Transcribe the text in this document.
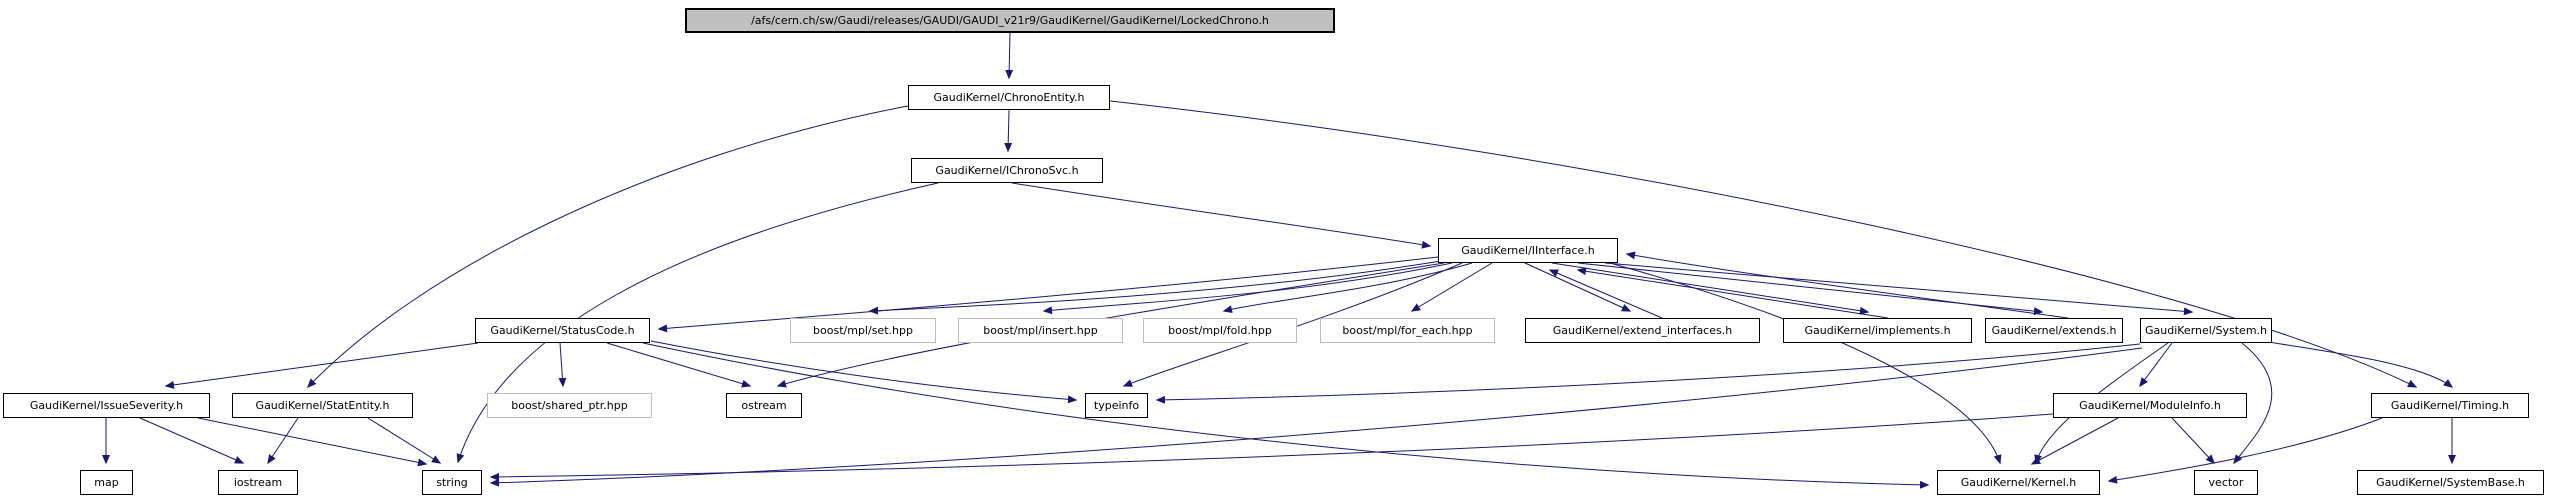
/afs/cern.ch/sw/Gaudi/releases/GAUDI/GAUDI_v21r9/GaudiKernel/GaudiKernel/LockedChrono.h
GaudiKernel/ChronoEntity.h
GaudiKernel/IChronoSvc.h
GaudiKernel/IInterface.h
GaudiKernel/StatusCode.h	boost/mpl/set.hpp	boost/mpl/insert.hpp	boost/mpl/fold.hpp	boost/mpl/for_each.hpp	GaudiKernel/extend_interfaces.h	GaudiKernel/implements.h	GaudiKernel/extends.h	GaudiKernel/System.h
GaudiKernel/IssueSeverity.h	GaudiKernel/StatEntity.h	boost/shared_ptr.hpp	ostream	typeinfo	GaudiKernel/ModuleInfo.h	GaudiKernel/Timing.h
map	iostream	string	GaudiKernel/Kernel.h	vector	GaudiKernel/SystemBase.h
